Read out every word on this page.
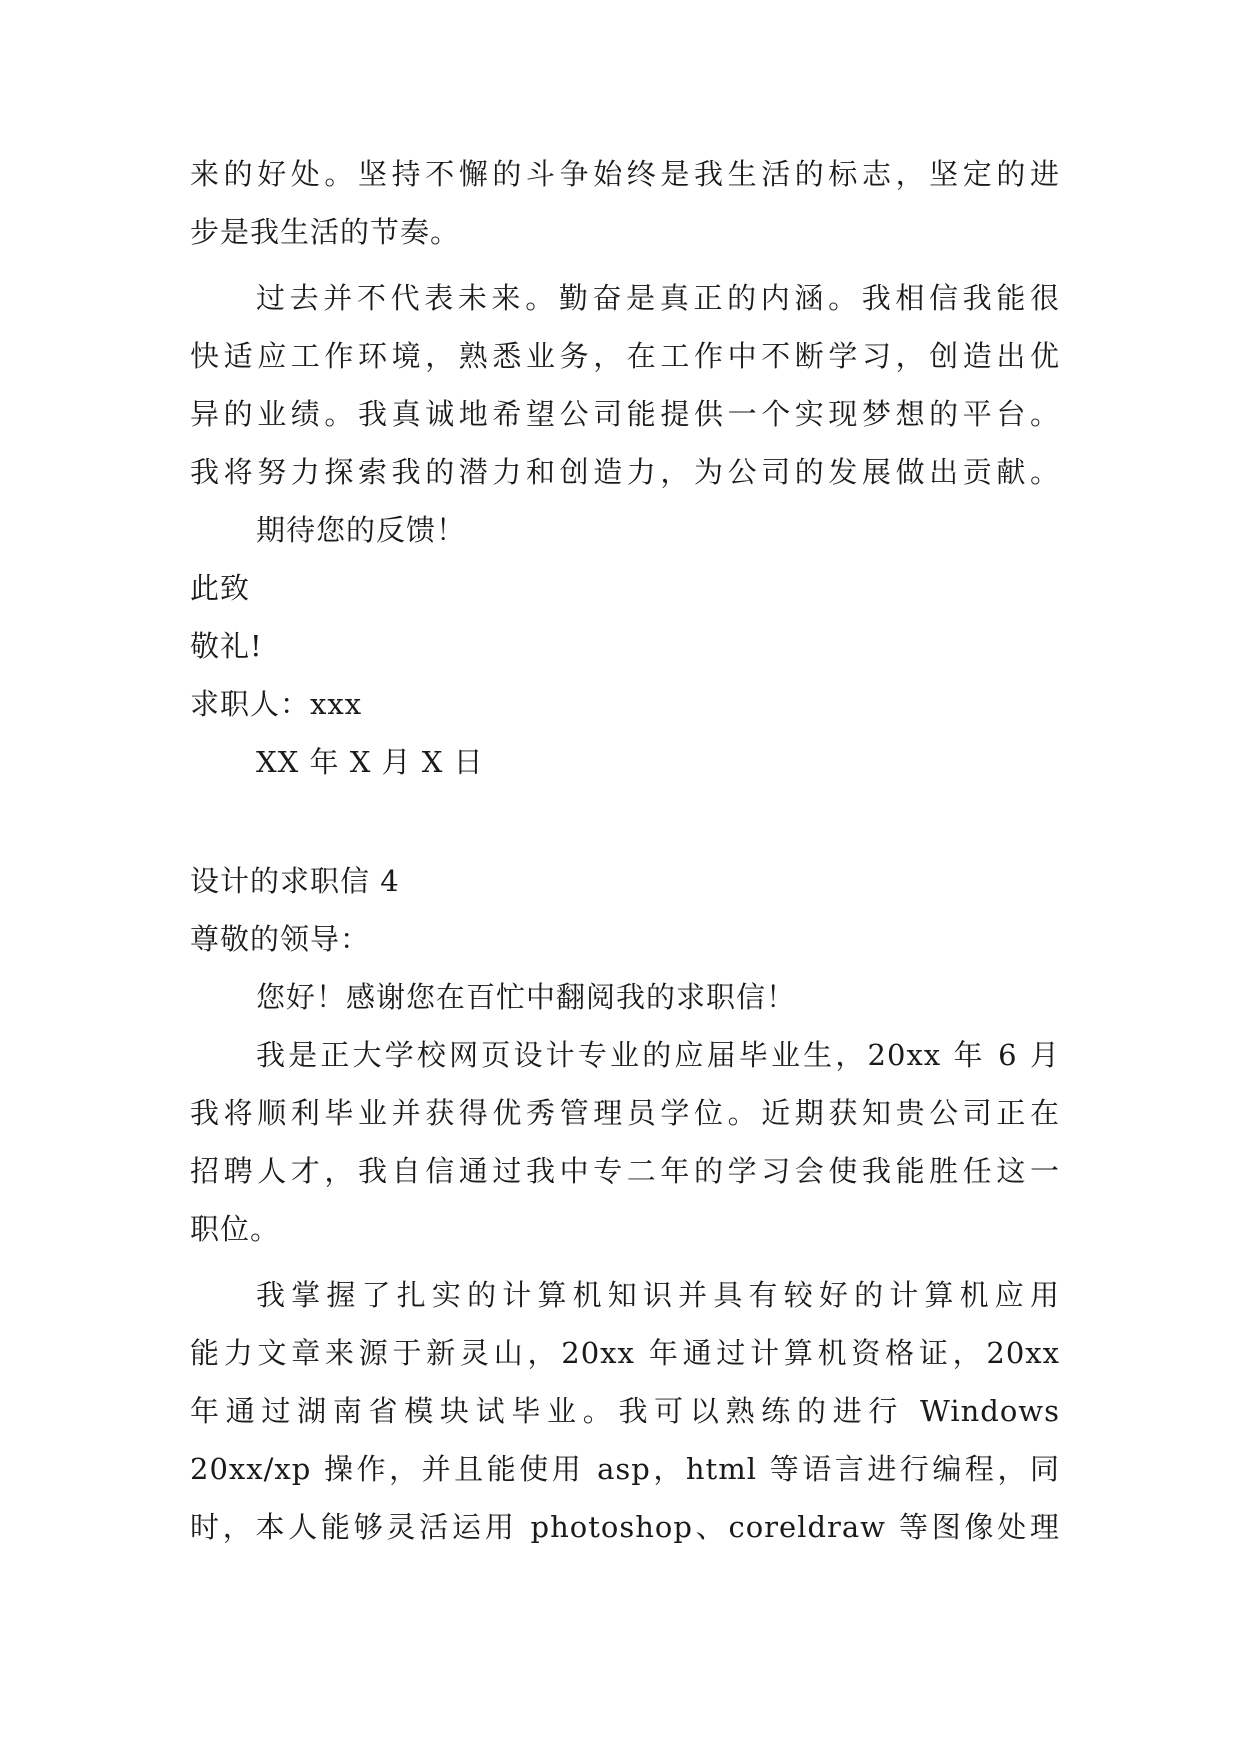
来的好处。坚持不懈的斗争始终是我生活的标志，坚定的进
步是我生活的节奏。
过去并不代表未来。勤奋是真正的内涵。我相信我能很
快适应工作环境，熟悉业务，在工作中不断学习，创造出优
异的业绩。我真诚地希望公司能提供一个实现梦想的平台。
我将努力探索我的潜力和创造力，为公司的发展做出贡献。
期待您的反馈！
此致
敬礼!
求职人：xxx
XX 年 X 月 X 日
设计的求职信 4
尊敬的领导：
您好！感谢您在百忙中翻阅我的求职信！
我是正大学校网页设计专业的应届毕业生，20xx 年 6 月
我将顺利毕业并获得优秀管理员学位。近期获知贵公司正在
招聘人才，我自信通过我中专二年的学习会使我能胜任这一
职位。
我掌握了扎实的计算机知识并具有较好的计算机应用
能力文章来源于新灵山，20xx 年通过计算机资格证，20xx
年通过湖南省模块试毕业。我可以熟练的进行 Windows
20xx/xp 操作，并且能使用 asp，html 等语言进行编程，同
时，本人能够灵活运用 photoshop、coreldraw 等图像处理
